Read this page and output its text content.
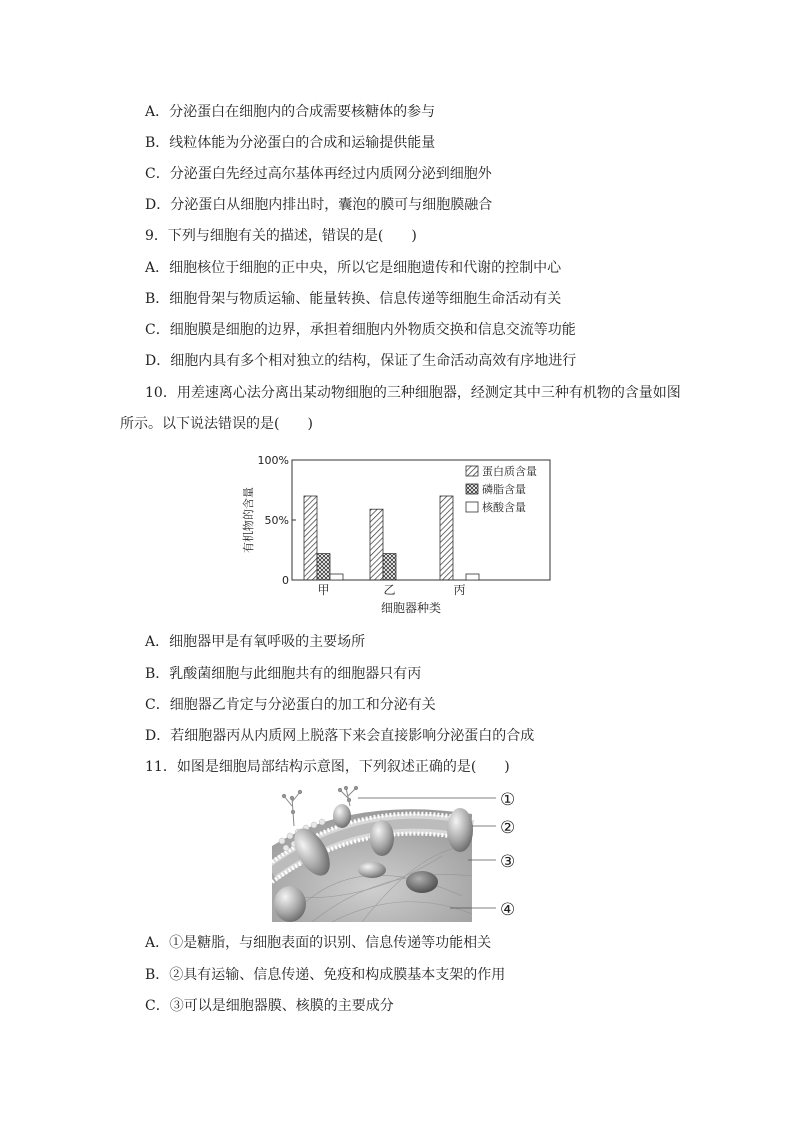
A．分泌蛋白在细胞内的合成需要核糖体的参与
B．线粒体能为分泌蛋白的合成和运输提供能量
C．分泌蛋白先经过高尔基体再经过内质网分泌到细胞外
D．分泌蛋白从细胞内排出时，囊泡的膜可与细胞膜融合
9．下列与细胞有关的描述，错误的是(　　)
A．细胞核位于细胞的正中央，所以它是细胞遗传和代谢的控制中心
B．细胞骨架与物质运输、能量转换、信息传递等细胞生命活动有关
C．细胞膜是细胞的边界，承担着细胞内外物质交换和信息交流等功能
D．细胞内具有多个相对独立的结构，保证了生命活动高效有序地进行
10．用差速离心法分离出某动物细胞的三种细胞器，经测定其中三种有机物的含量如图
所示。以下说法错误的是(　　)
蛋白质含量
磷脂含量
核酸含量
100%
50%
0
有机物的含量
甲	乙	丙
细胞器种类
A．细胞器甲是有氧呼吸的主要场所
B．乳酸菌细胞与此细胞共有的细胞器只有丙
C．细胞器乙肯定与分泌蛋白的加工和分泌有关
D．若细胞器丙从内质网上脱落下来会直接影响分泌蛋白的合成
11．如图是细胞局部结构示意图，下列叙述正确的是(　　)
①
②
③
④
A．①是糖脂，与细胞表面的识别、信息传递等功能相关
B．②具有运输、信息传递、免疫和构成膜基本支架的作用
C．③可以是细胞器膜、核膜的主要成分
